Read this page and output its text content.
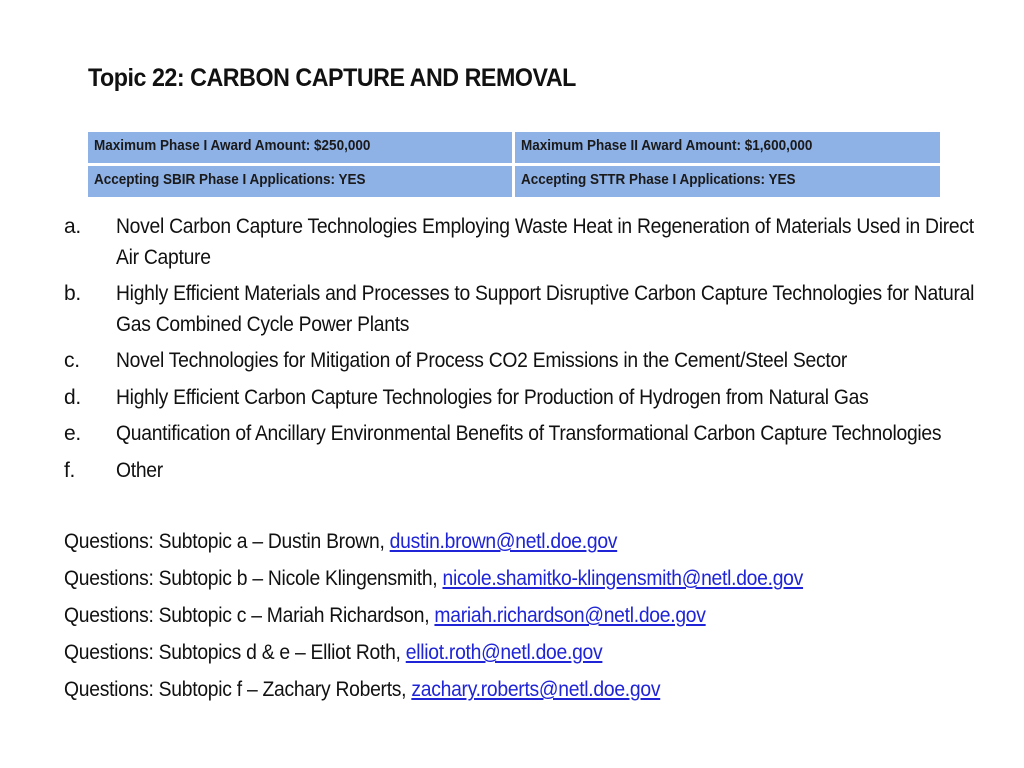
Topic 22: CARBON CAPTURE AND REMOVAL
Maximum Phase I Award Amount: $250,000	Maximum Phase II Award Amount: $1,600,000
Accepting SBIR Phase I Applications: YES	Accepting STTR Phase I Applications: YES
a. Novel Carbon Capture Technologies Employing Waste Heat in Regeneration of Materials Used in Direct Air Capture
b. Highly Efficient Materials and Processes to Support Disruptive Carbon Capture Technologies for Natural Gas Combined Cycle Power Plants
c. Novel Technologies for Mitigation of Process CO2 Emissions in the Cement/Steel Sector
d. Highly Efficient Carbon Capture Technologies for Production of Hydrogen from Natural Gas
e. Quantification of Ancillary Environmental Benefits of Transformational Carbon Capture Technologies
f. Other
Questions: Subtopic a – Dustin Brown, dustin.brown@netl.doe.gov
Questions: Subtopic b – Nicole Klingensmith, nicole.shamitko-klingensmith@netl.doe.gov
Questions: Subtopic c – Mariah Richardson, mariah.richardson@netl.doe.gov
Questions: Subtopics d & e – Elliot Roth, elliot.roth@netl.doe.gov
Questions: Subtopic f – Zachary Roberts, zachary.roberts@netl.doe.gov
